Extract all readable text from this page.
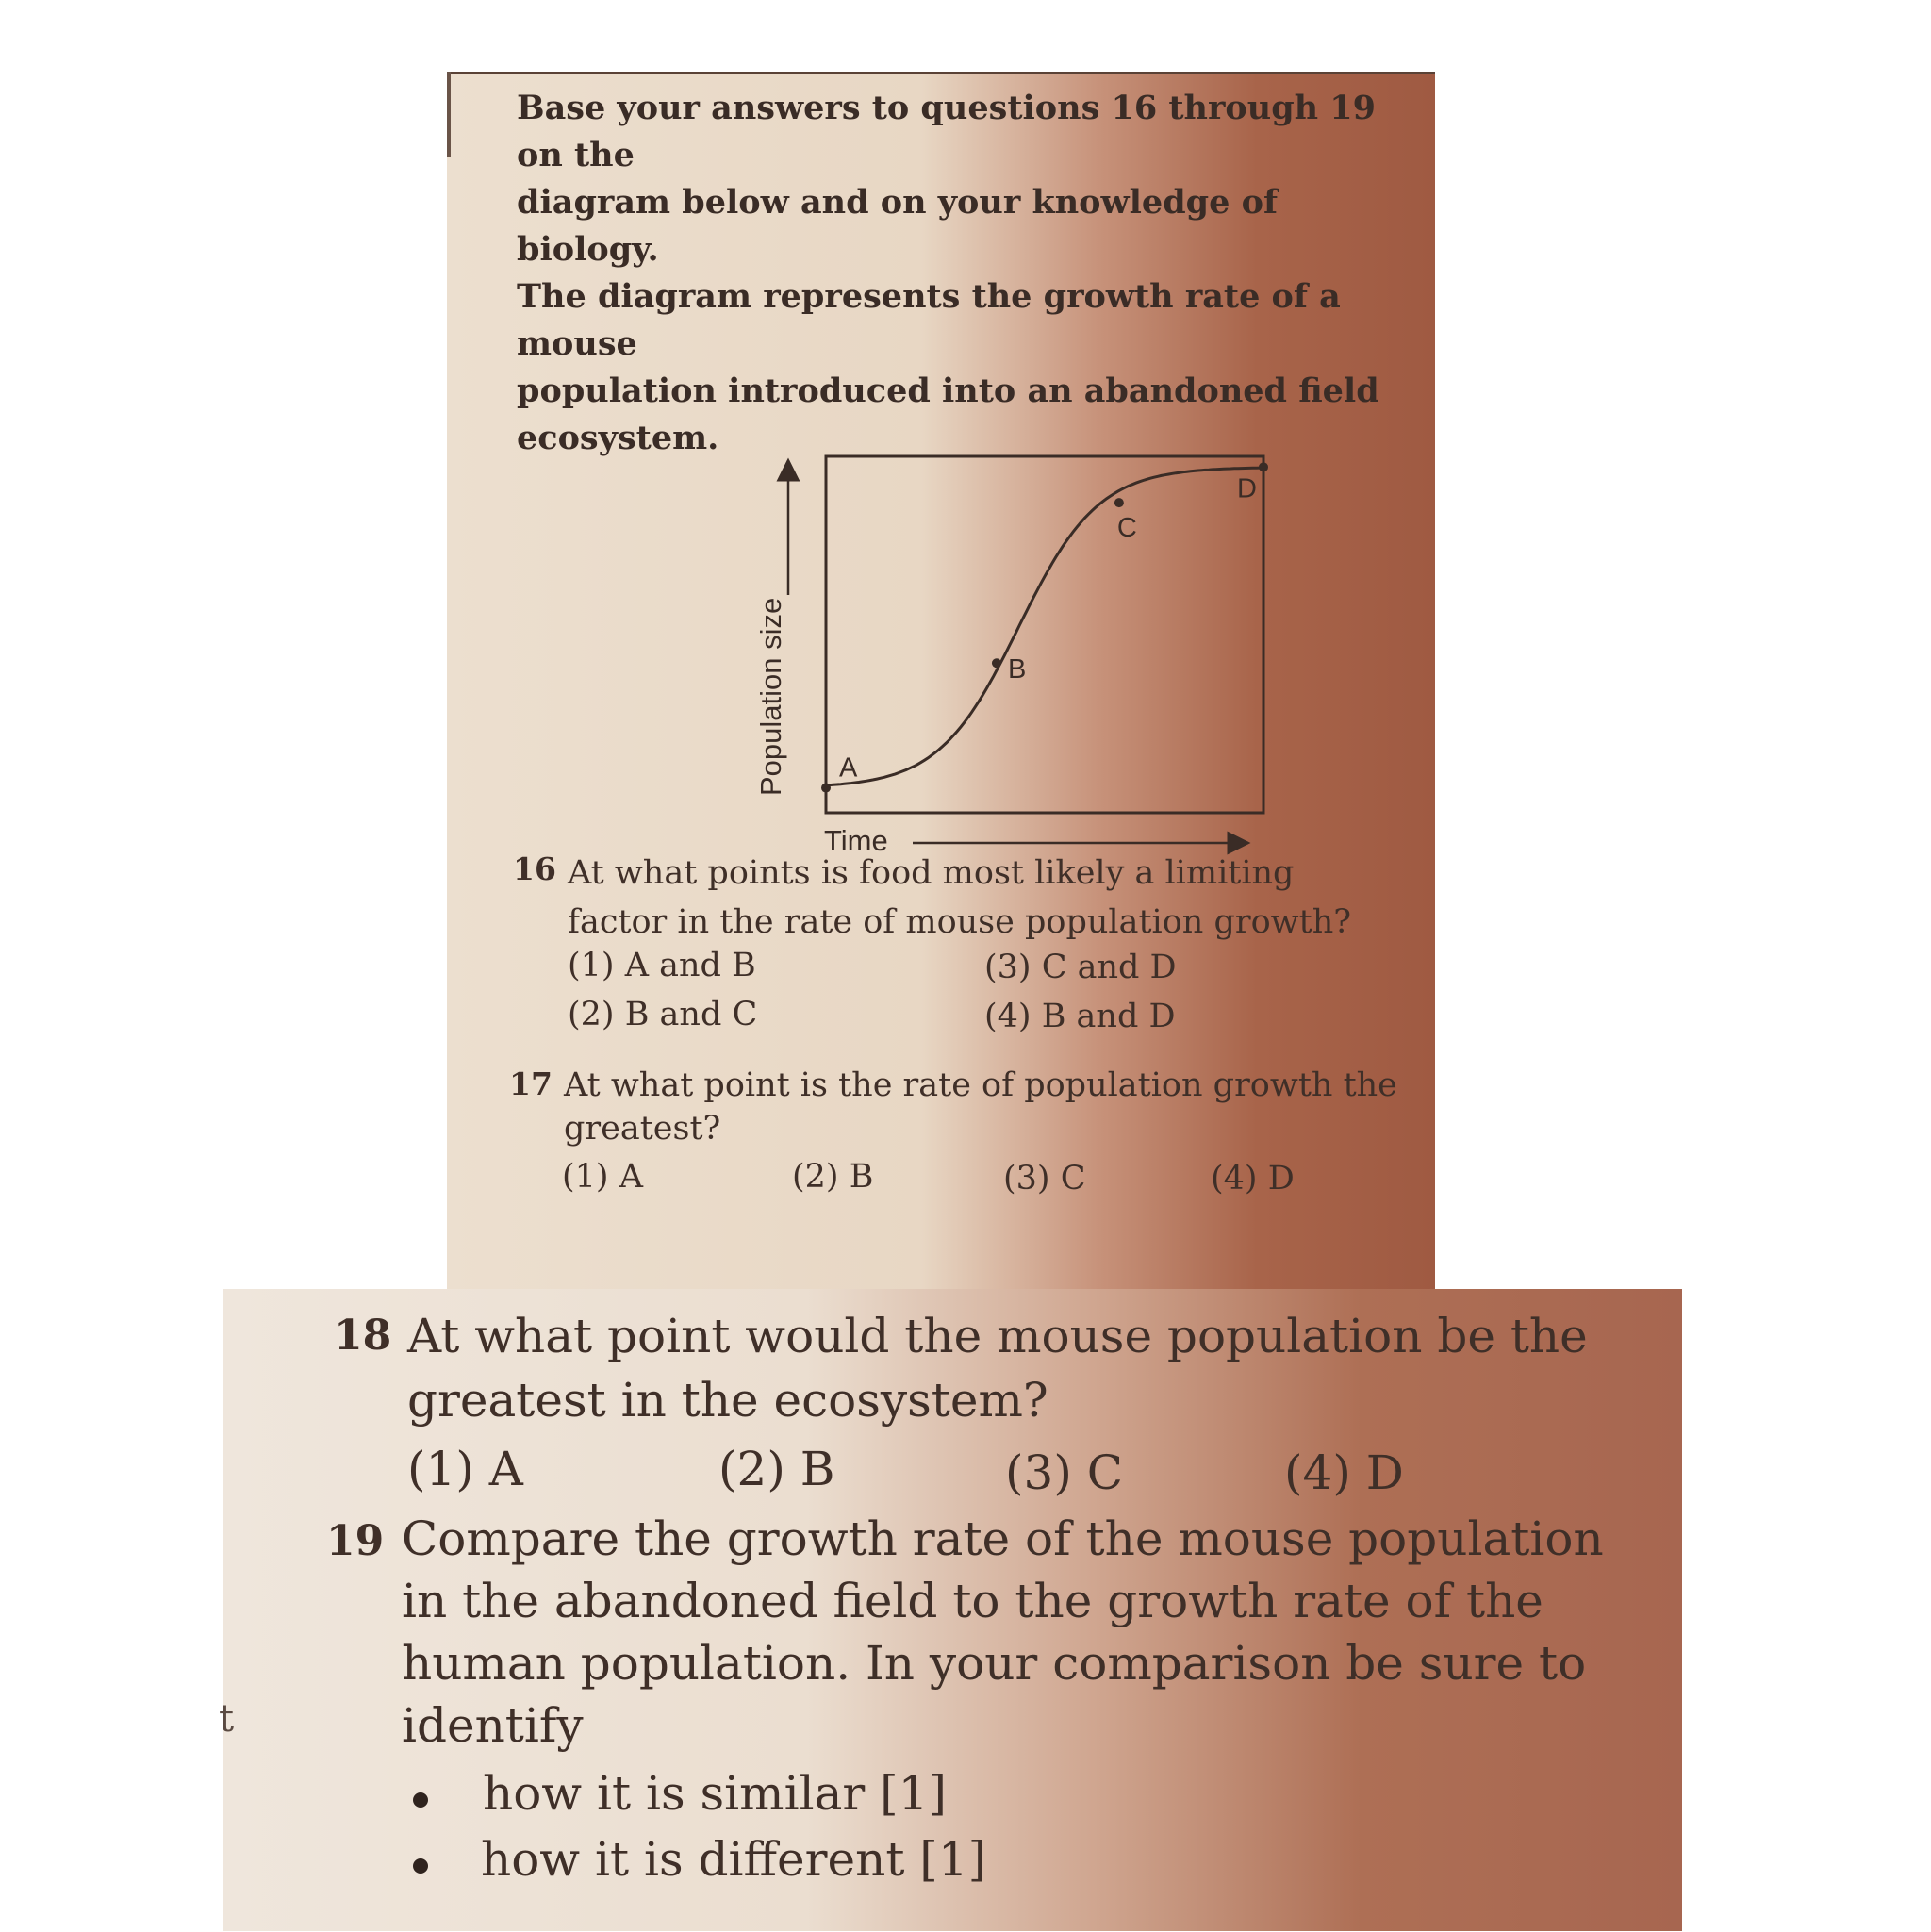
Base your answers to questions 16 through 19 on the
diagram below and on your knowledge of biology.
The diagram represents the growth rate of a mouse
population introduced into an abandoned field
ecosystem.

Population size
Time
A
B
C
D
16 At what points is food most likely a limiting
factor in the rate of mouse population growth?
(1) A and B
(2) B and C
(3) C and D
(4) B and D
17 At what point is the rate of population growth the
greatest?
(1) A	(2) B	(3) C	(4) D
18 At what point would the mouse population be the
greatest in the ecosystem?
(1) A	(2) B	(3) C	(4) D
19 Compare the growth rate of the mouse population
in the abandoned field to the growth rate of the
human population. In your comparison be sure to
identify
how it is similar [1]
how it is different [1]
t
